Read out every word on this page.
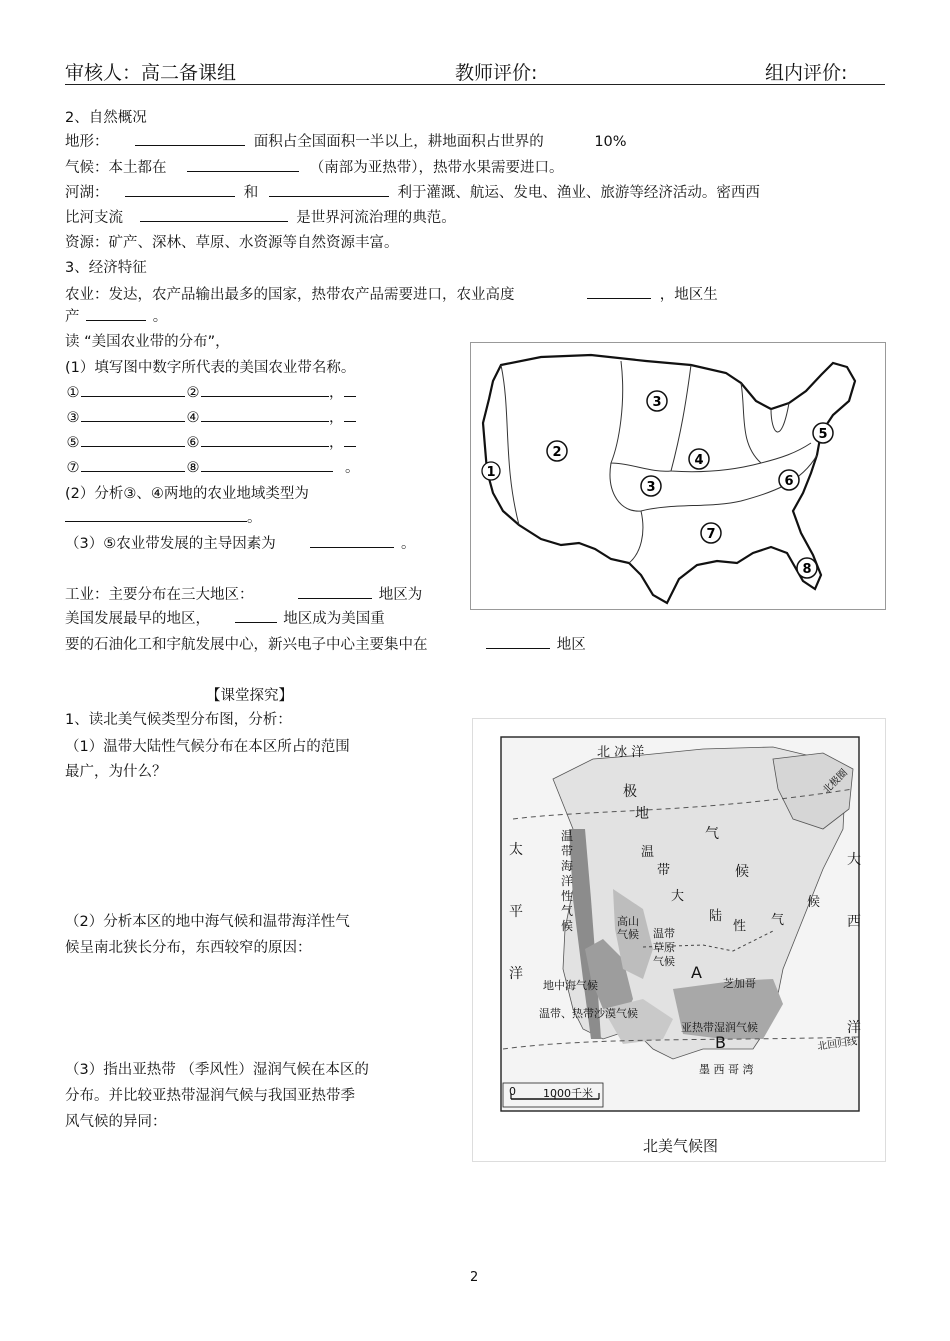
审核人：高二备课组	教师评价:	组内评价:
2、自然概况
地形：	面积占全国面积一半以上，耕地面积占世界的	10%
气候：本土都在	（南部为亚热带），热带水果需要进口。
河湖：	和	利于灌溉、航运、发电、渔业、旅游等经济活动。密西西
比河支流	是世界河流治理的典范。
资源：矿产、深林、草原、水资源等自然资源丰富。
3、经济特征
农业：发达，农产品输出最多的国家，热带农产品需要进口，农业高度	，地区生
产	。
读 “美国农业带的分布”，
(1）填写图中数字所代表的美国农业带名称。
①	②	，
③	④	，
⑤	⑥	，
⑦	⑧	。
(2）分析③、④两地的农业地域类型为
。
（3）⑤农业带发展的主导因素为	。
工业：主要分布在三大地区：	地区为
美国发展最早的地区，	地区成为美国重
要的石油化工和宇航发展中心，新兴电子中心主要集中在	地区
1
2
3
4
5
6
7
8
3
【课堂探究】
1、读北美气候类型分布图，分析：
（1）温带大陆性气候分布在本区所占的范围
最广，为什么？
（2）分析本区的地中海气候和温带海洋性气
候呈南北狭长分布，东西较窄的原因：
（3）指出亚热带 （季风性）湿润气候在本区的
分布。并比较亚热带湿润气候与我国亚热带季
风气候的异同：
北 冰 洋
极
地
气
候
太
平
洋
大
西
洋
温带海洋性气候
温
带
大
陆
性 气
候
高山
气候	温带
草原
气候
地中海气候
温带、热带沙漠气候
亚热带湿润气候
芝加哥
墨 西 哥 湾
北回归线
北极圈
A
B
0 1000千米
北美气候图
2
